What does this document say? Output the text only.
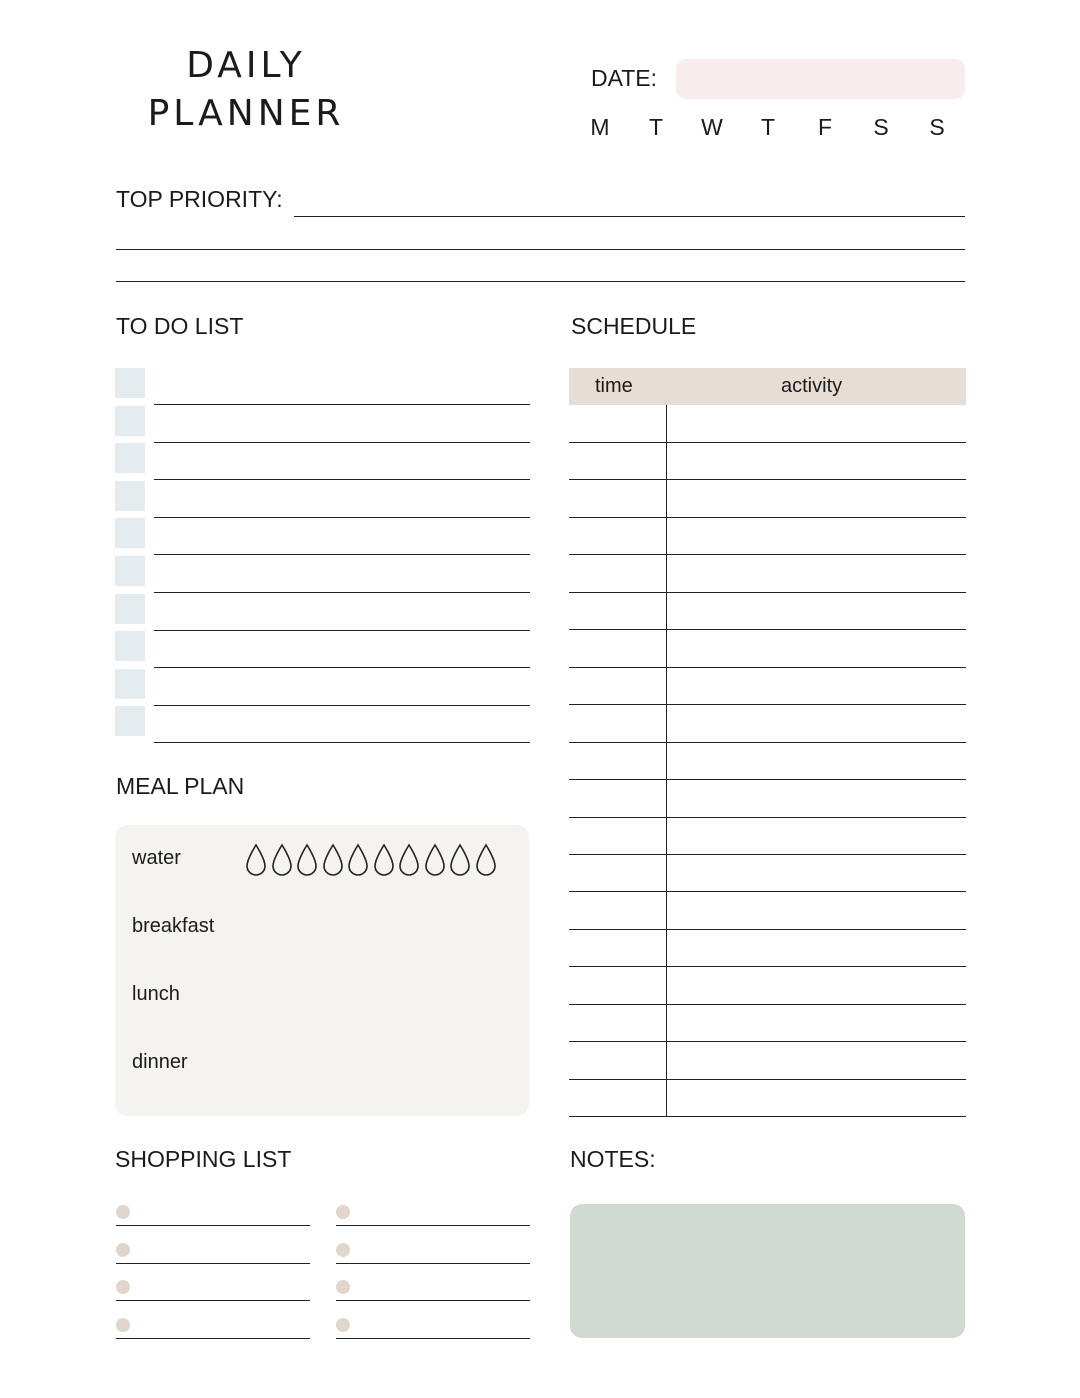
DAILY
PLANNER
DATE:
M	T	W	T	F	S	S
TOP PRIORITY:
TO DO LIST	SCHEDULE
time	activity
MEAL PLAN
water
breakfast
lunch
dinner
SHOPPING LIST	NOTES:
